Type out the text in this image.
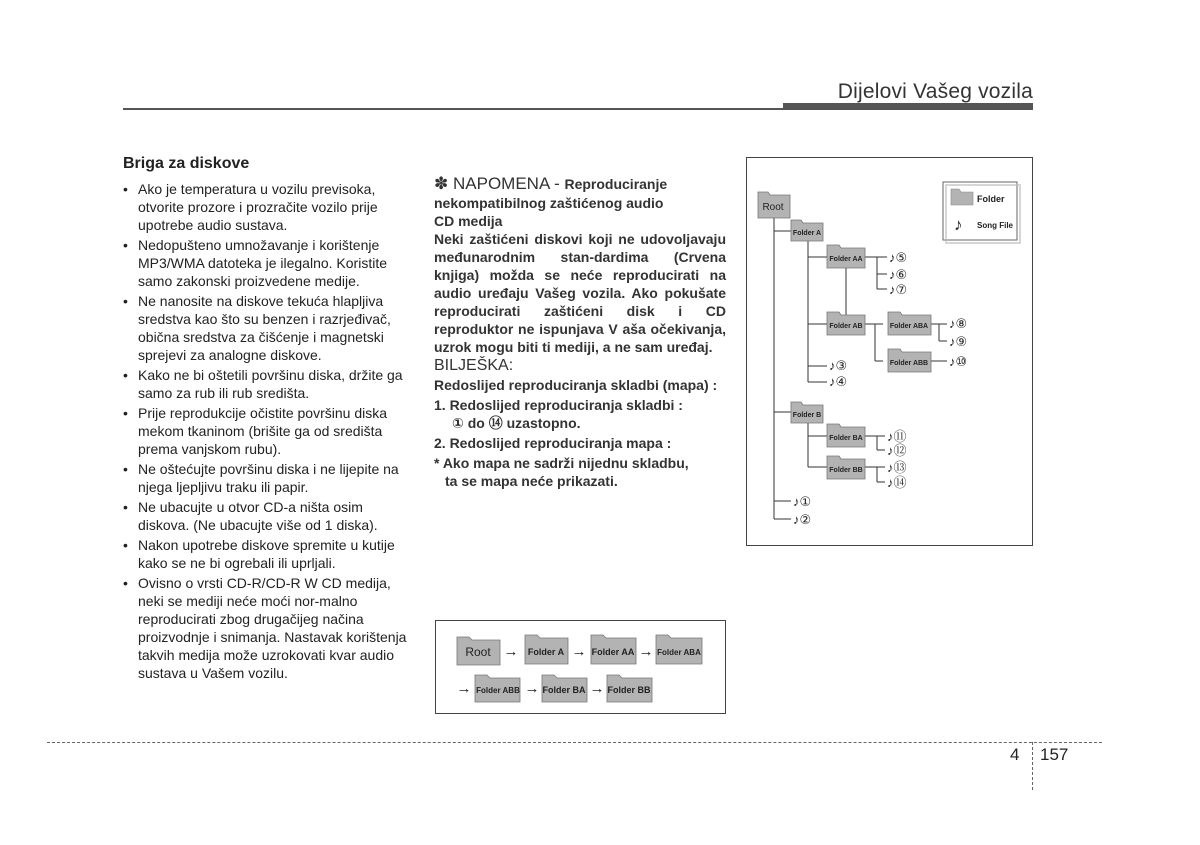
Dijelovi Vašeg vozila
Briga za diskove
• Ako je temperatura u vozilu previsoka, otvorite prozore i prozračite vozilo prije upotrebe audio sustava.
• Nedopušteno umnožavanje i korištenje MP3/WMA datoteka je ilegalno. Koristite samo zakonski proizvedene medije.
• Ne nanosite na diskove tekuća hlapljiva sredstva kao što su benzen i razrjeđivač, obična sredstva za čišćenje i magnetski sprejevi za analogne diskove.
• Kako ne bi oštetili površinu diska, držite ga samo za rub ili rub središta.
• Prije reprodukcije očistite površinu diska mekom tkaninom (brišite ga od središta prema vanjskom rubu).
• Ne oštećujte površinu diska i ne lijepite na njega ljepljivu traku ili papir.
• Ne ubacujte u otvor CD-a ništa osim diskova. (Ne ubacujte više od 1 diska).
• Nakon upotrebe diskove spremite u kutije kako se ne bi ogrebali ili uprljali.
• Ovisno o vrsti CD-R/CD-R W CD medija, neki se mediji neće moći nor-malno reproducirati zbog drugačijeg načina proizvodnje i snimanja. Nastavak korištenja takvih medija može uzrokovati kvar audio sustava u Vašem vozilu.

✽ NAPOMENA - Reproduciranje

nekompatibilnog zaštićenog audio

CD medija

Neki zaštićeni diskovi koji ne udovoljavaju međunarodnim stan-dardima (Crvena knjiga) možda se neće reproducirati na audio uređaju Vašeg vozila. Ako pokušate reproducirati zaštićeni disk i CD reproduktor ne ispunjava V aša očekivanja, uzrok mogu biti ti mediji, a ne sam uređaj.

BILJEŠKA:

Redoslijed reproduciranja skladbi (mapa) :

1. Redoslijed reproduciranja skladbi :

① do ⑭ uzastopno.

2. Redoslijed reproduciranja mapa :

* Ako mapa ne sadrži nijednu skladbu,

ta se mapa neće prikazati.

Root → Folder A → Folder AA → Folder ABA
→ Folder ABB → Folder BA → Folder BB
Folder
♪ Song File
Root
Folder A
Folder AA
Folder AB	Folder ABA
Folder ABB
Folder B
Folder BA
Folder BB
♪①
♪②
♪③
♪④
♪⑤
♪⑥
♪⑦
♪⑧
♪⑨
♪⑩
♪⑪
♪⑫
♪⑬
♪⑭
4 157
